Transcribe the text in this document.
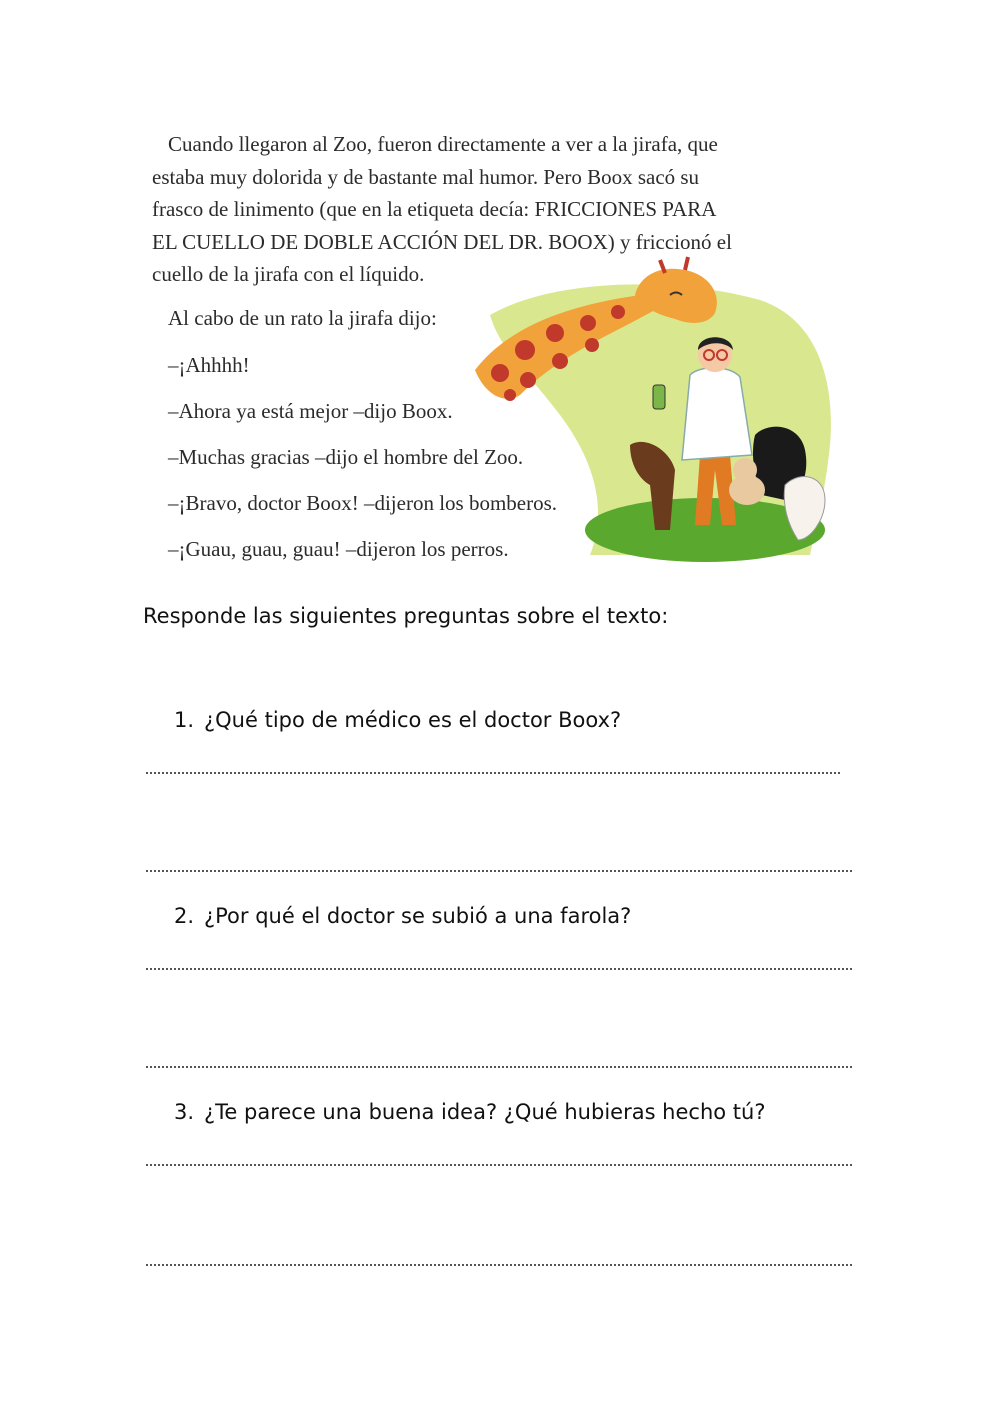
Cuando llegaron al Zoo, fueron directamente a ver a la jirafa, que
estaba muy dolorida y de bastante mal humor. Pero Boox sacó su
frasco de linimento (que en la etiqueta decía: FRICCIONES PARA
EL CUELLO DE DOBLE ACCIÓN DEL DR. BOOX) y friccionó el
cuello de la jirafa con el líquido.
Al cabo de un rato la jirafa dijo:
–¡Ahhhh!
–Ahora ya está mejor –dijo Boox.
–Muchas gracias –dijo el hombre del Zoo.
–¡Bravo, doctor Boox! –dijeron los bomberos.
–¡Guau, guau, guau! –dijeron los perros.
Responde las siguientes preguntas sobre el texto:
1. ¿Qué tipo de médico es el doctor Boox?
2. ¿Por qué el doctor se subió a una farola?
3. ¿Te parece una buena idea? ¿Qué hubieras hecho tú?
